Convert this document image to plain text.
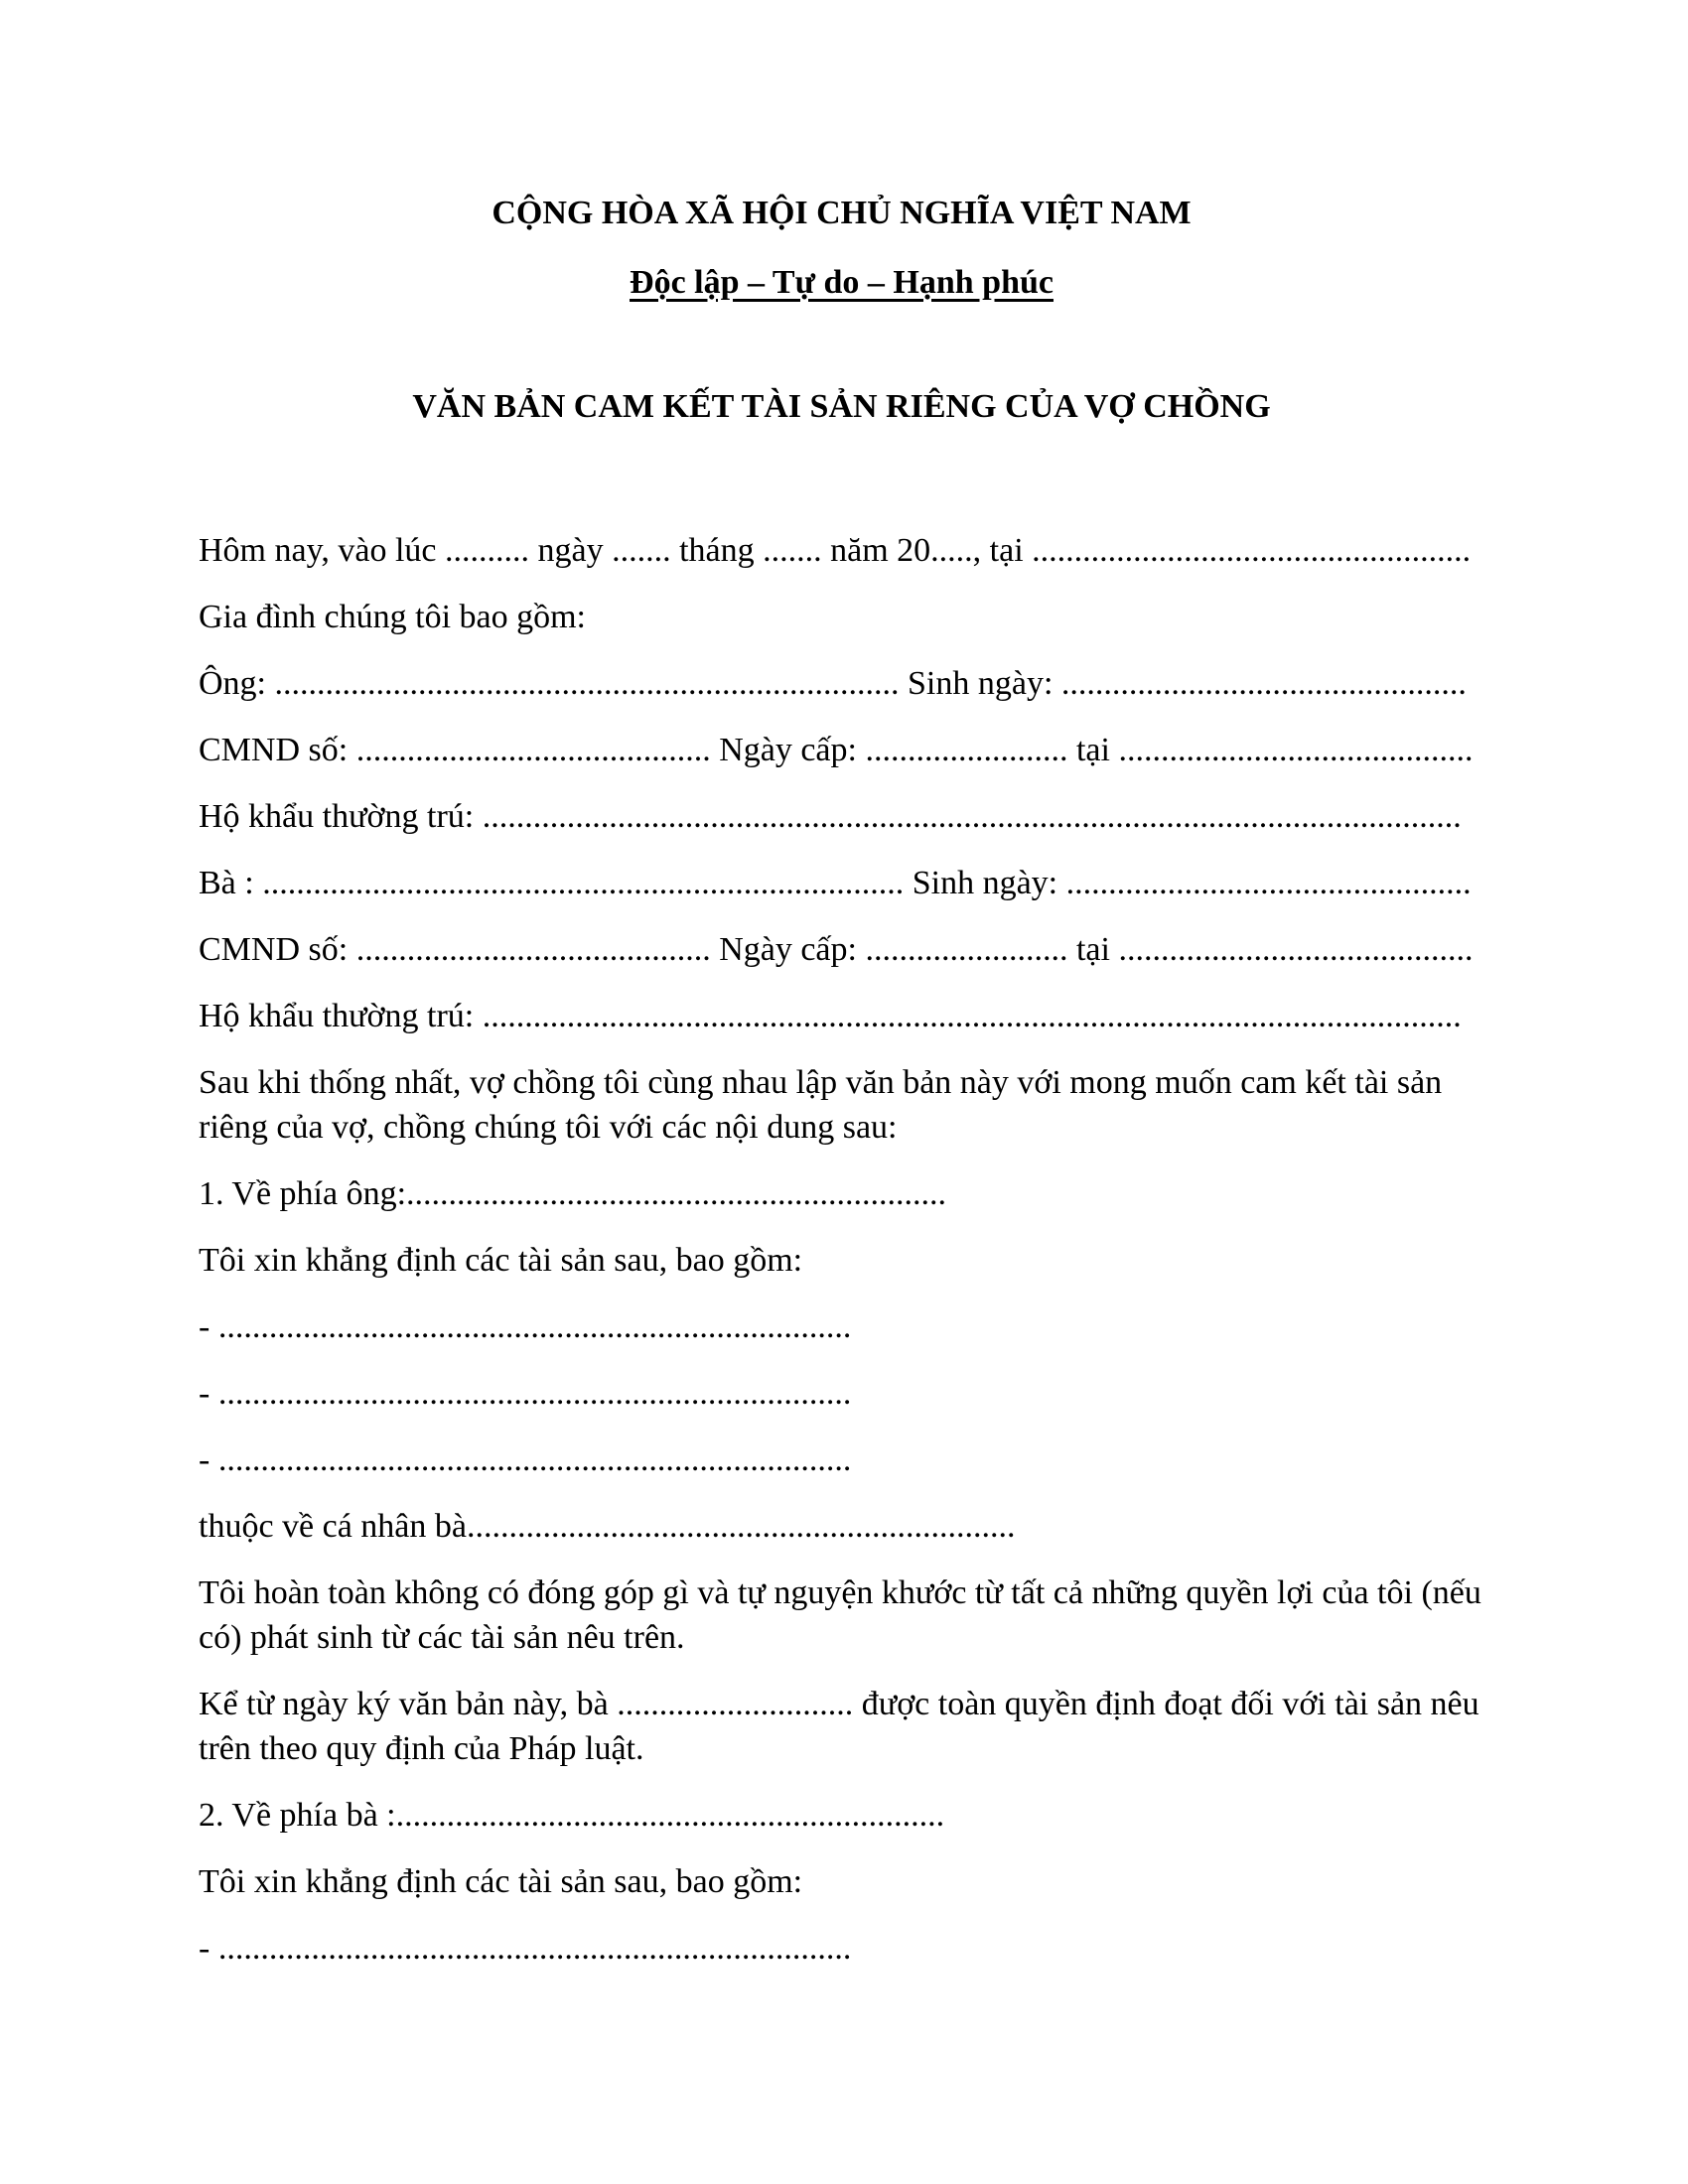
CỘNG HÒA XÃ HỘI CHỦ NGHĨA VIỆT NAM

Độc lập – Tự do – Hạnh phúc

VĂN BẢN CAM KẾT TÀI SẢN RIÊNG CỦA VỢ CHỒNG

Hôm nay, vào lúc .......... ngày ....... tháng ....... năm 20....., tại ....................................................

Gia đình chúng tôi bao gồm:

Ông: .......................................................................... Sinh ngày: ................................................

CMND số: .......................................... Ngày cấp: ........................ tại ..........................................

Hộ khẩu thường trú: ....................................................................................................................

Bà : ............................................................................ Sinh ngày: ................................................

CMND số: .......................................... Ngày cấp: ........................ tại ..........................................

Hộ khẩu thường trú: ....................................................................................................................

Sau khi thống nhất, vợ chồng tôi cùng nhau lập văn bản này với mong muốn cam kết tài sản riêng của vợ, chồng chúng tôi với các nội dung sau:

1. Về phía ông:................................................................

Tôi xin khẳng định các tài sản sau, bao gồm:

- ...........................................................................

- ...........................................................................

- ...........................................................................

thuộc về cá nhân bà.................................................................

Tôi hoàn toàn không có đóng góp gì và tự nguyện khước từ tất cả những quyền lợi của tôi (nếu có) phát sinh từ các tài sản nêu trên.

Kể từ ngày ký văn bản này, bà ............................ được toàn quyền định đoạt đối với tài sản nêu trên theo quy định của Pháp luật.

2. Về phía bà :.................................................................

Tôi xin khẳng định các tài sản sau, bao gồm:

- ...........................................................................
